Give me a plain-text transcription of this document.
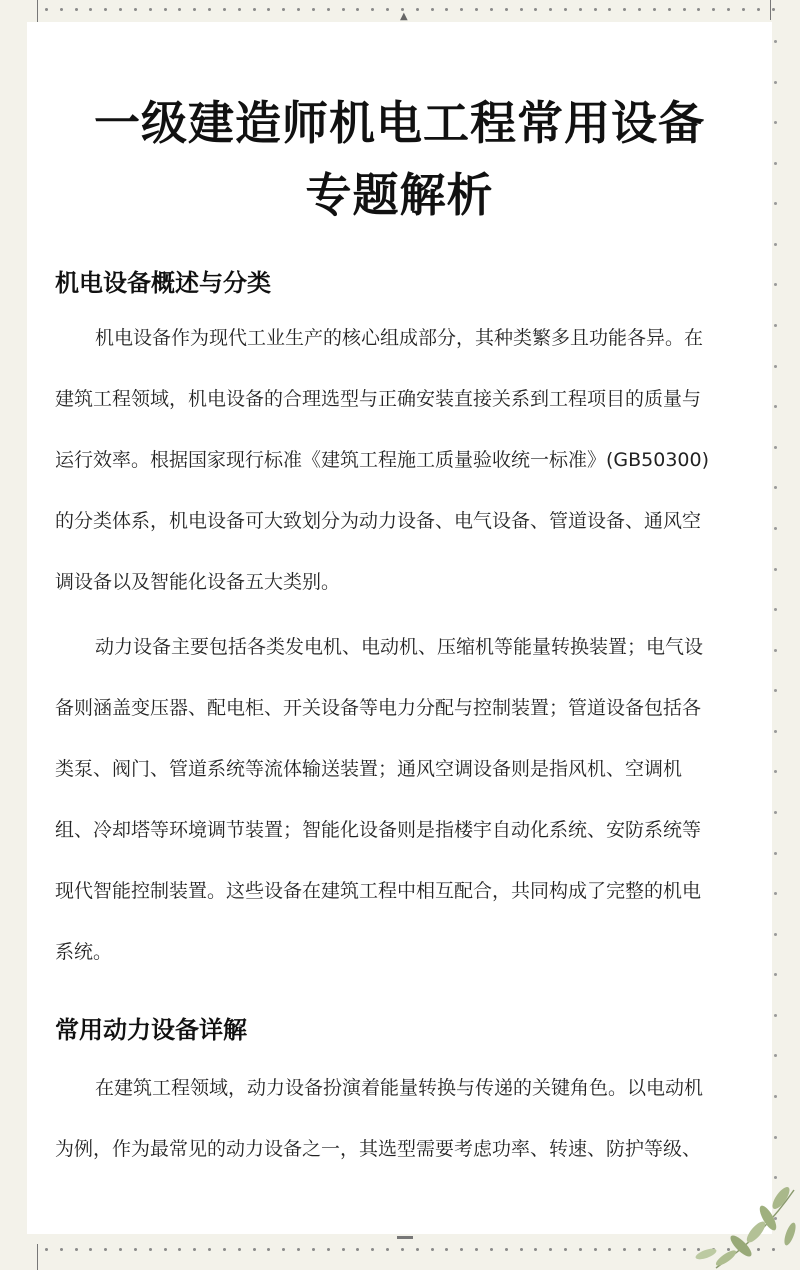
▲
一级建造师机电工程常用设备
专题解析
机电设备概述与分类
机电设备作为现代工业生产的核心组成部分，其种类繁多且功能各异。在
建筑工程领域，机电设备的合理选型与正确安装直接关系到工程项目的质量与
运行效率。根据国家现行标准《建筑工程施工质量验收统一标准》(GB50300)
的分类体系，机电设备可大致划分为动力设备、电气设备、管道设备、通风空
调设备以及智能化设备五大类别。
动力设备主要包括各类发电机、电动机、压缩机等能量转换装置；电气设
备则涵盖变压器、配电柜、开关设备等电力分配与控制装置；管道设备包括各
类泵、阀门、管道系统等流体输送装置；通风空调设备则是指风机、空调机
组、冷却塔等环境调节装置；智能化设备则是指楼宇自动化系统、安防系统等
现代智能控制装置。这些设备在建筑工程中相互配合，共同构成了完整的机电
系统。
常用动力设备详解
在建筑工程领域，动力设备扮演着能量转换与传递的关键角色。以电动机
为例，作为最常见的动力设备之一，其选型需要考虑功率、转速、防护等级、
